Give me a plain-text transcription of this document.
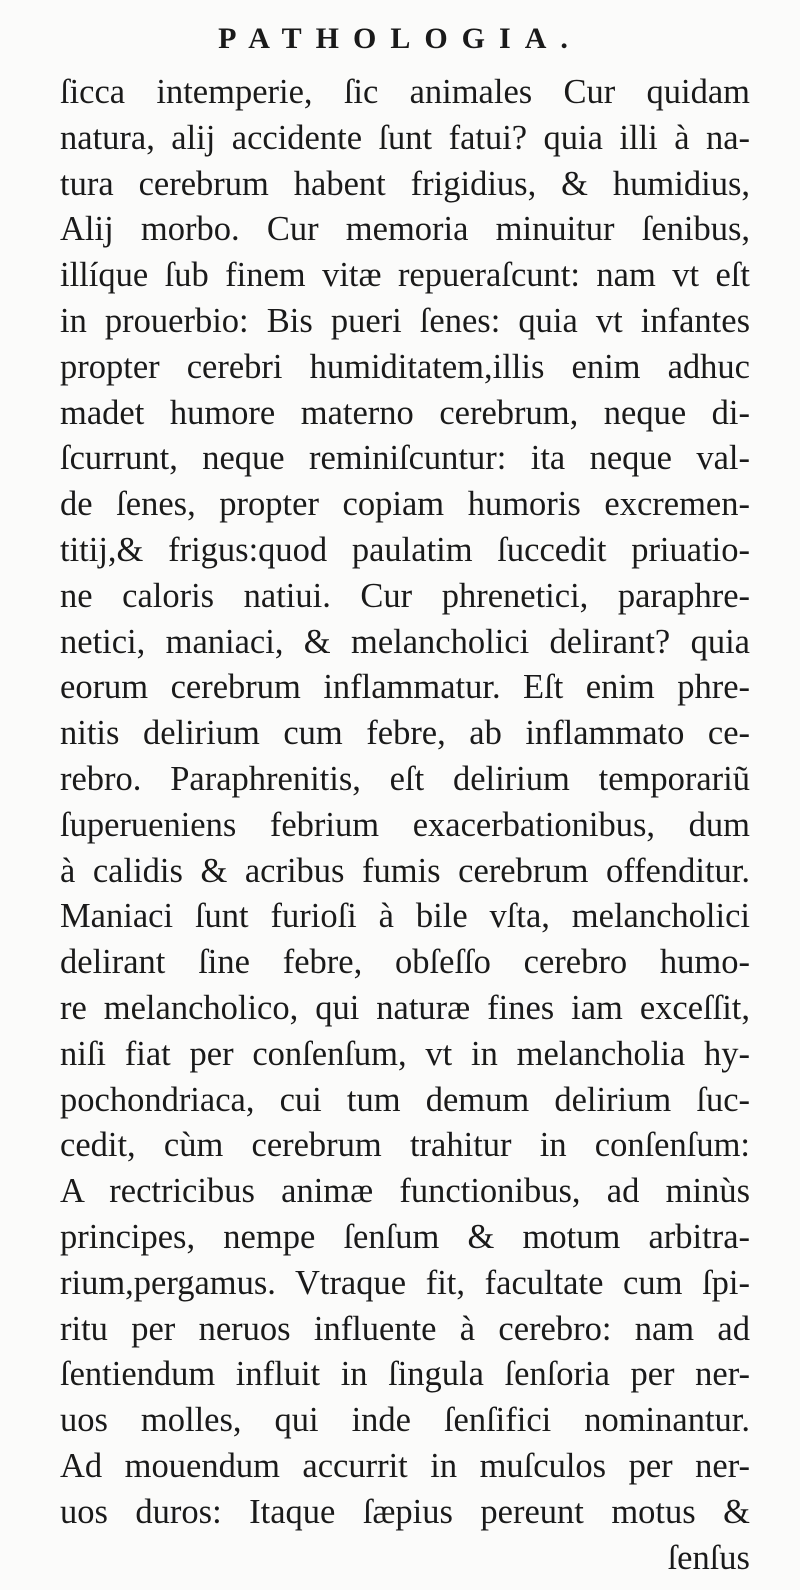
PATHOLOGIA.
ſicca intemperie, ſic animales Cur quidam
natura, alij accidente ſunt fatui? quia illi à na-
tura cerebrum habent frigidius, & humidius,
Alij morbo. Cur memoria minuitur ſenibus,
illíque ſub finem vitæ repueraſcunt: nam vt eſt
in prouerbio: Bis pueri ſenes: quia vt infantes
propter cerebri humiditatem,illis enim adhuc
madet humore materno cerebrum, neque di-
ſcurrunt, neque reminiſcuntur: ita neque val-
de ſenes, propter copiam humoris excremen-
titij,& frigus:quod paulatim ſuccedit priuatio-
ne caloris natiui. Cur phrenetici, paraphre-
netici, maniaci, & melancholici delirant? quia
eorum cerebrum inflammatur. Eſt enim phre-
nitis delirium cum febre, ab inflammato ce-
rebro. Paraphrenitis, eſt delirium temporariũ
ſuperueniens febrium exacerbationibus, dum
à calidis & acribus fumis cerebrum offenditur.
Maniaci ſunt furioſi à bile vſta, melancholici
delirant ſine febre, obſeſſo cerebro humo-
re melancholico, qui naturæ fines iam exceſſit,
niſi fiat per conſenſum, vt in melancholia hy-
pochondriaca, cui tum demum delirium ſuc-
cedit, cùm cerebrum trahitur in conſenſum:
A rectricibus animæ functionibus, ad minùs
principes, nempe ſenſum & motum arbitra-
rium,pergamus. Vtraque fit, facultate cum ſpi-
ritu per neruos influente à cerebro: nam ad
ſentiendum influit in ſingula ſenſoria per ner-
uos molles, qui inde ſenſifici nominantur.
Ad mouendum accurrit in muſculos per ner-
uos duros: Itaque ſæpius pereunt motus &
ſenſus
